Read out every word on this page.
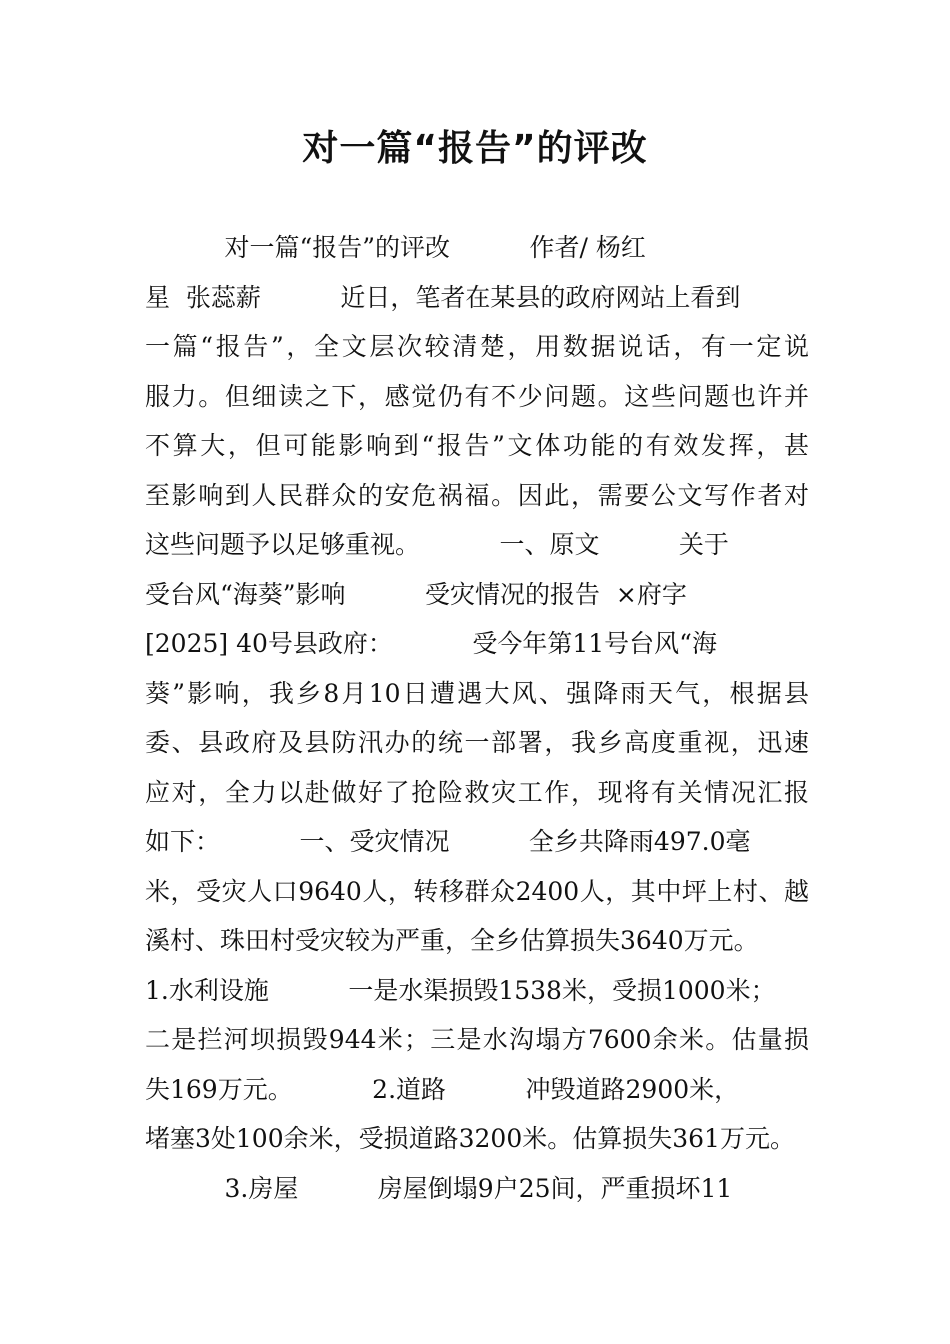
对一篇“报告”的评改
对一篇“报告”的评改          作者/ 杨红
星  张蕊薪          近日，笔者在某县的政府网站上看到
一篇“报告”，全文层次较清楚，用数据说话，有一定说
服力。但细读之下，感觉仍有不少问题。这些问题也许并
不算大，但可能影响到“报告”文体功能的有效发挥，甚
至影响到人民群众的安危祸福。因此，需要公文写作者对
这些问题予以足够重视。          一、原文          关于
受台风“海葵”影响          受灾情况的报告  ×府字
[2025] 40号县政府：          受今年第11号台风“海
葵”影响，我乡8月10日遭遇大风、强降雨天气，根据县
委、县政府及县防汛办的统一部署，我乡高度重视，迅速
应对，全力以赴做好了抢险救灾工作，现将有关情况汇报
如下：          一、受灾情况          全乡共降雨497.0毫
米，受灾人口9640人，转移群众2400人，其中坪上村、越
溪村、珠田村受灾较为严重，全乡估算损失3640万元。
1.水利设施          一是水渠损毁1538米，受损1000米；
二是拦河坝损毁944米；三是水沟塌方7600余米。估量损
失169万元。          2.道路          冲毁道路2900米，
堵塞3处100余米，受损道路3200米。估算损失361万元。
3.房屋          房屋倒塌9户25间，严重损坏11
